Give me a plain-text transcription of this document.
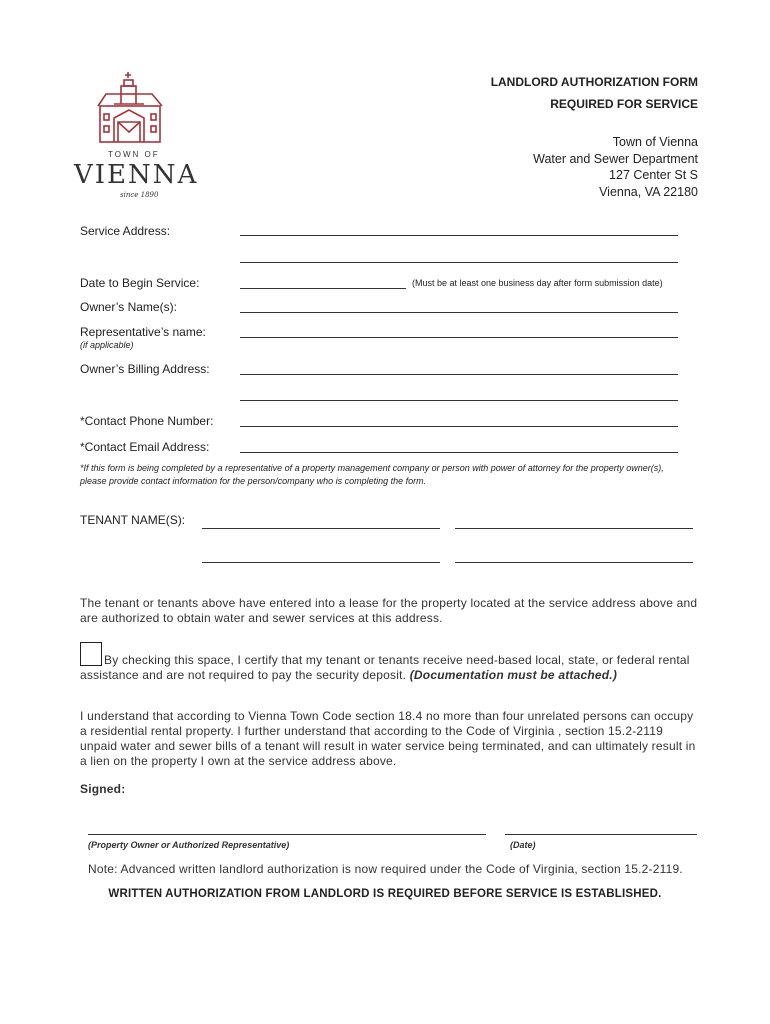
TOWN OF
VIENNA
since 1890
LANDLORD AUTHORIZATION FORM
REQUIRED FOR SERVICE
Town of Vienna
Water and Sewer Department
127 Center St S
Vienna, VA 22180
Service Address:
Date to Begin Service:	(Must be at least one business day after form submission date)
Owner’s Name(s):
Representative’s name:
(if applicable)
Owner’s Billing Address:
*Contact Phone Number:
*Contact Email Address:
*If this form is being completed by a representative of a property management company or person with power of attorney for the property owner(s), please provide contact information for the person/company who is completing the form.
TENANT NAME(S):
The tenant or tenants above have entered into a lease for the property located at the service address above and are authorized to obtain water and sewer services at this address.
By checking this space, I certify that my tenant or tenants receive need-based local, state, or federal rental assistance and are not required to pay the security deposit. (Documentation must be attached.)
I understand that according to Vienna Town Code section 18.4 no more than four unrelated persons can occupy a residential rental property. I further understand that according to the Code of Virginia , section 15.2-2119 unpaid water and sewer bills of a tenant will result in water service being terminated, and can ultimately result in a lien on the property I own at the service address above.
Signed:
(Property Owner or Authorized Representative)	(Date)
Note: Advanced written landlord authorization is now required under the Code of Virginia, section 15.2-2119.
WRITTEN AUTHORIZATION FROM LANDLORD IS REQUIRED BEFORE SERVICE IS ESTABLISHED.
